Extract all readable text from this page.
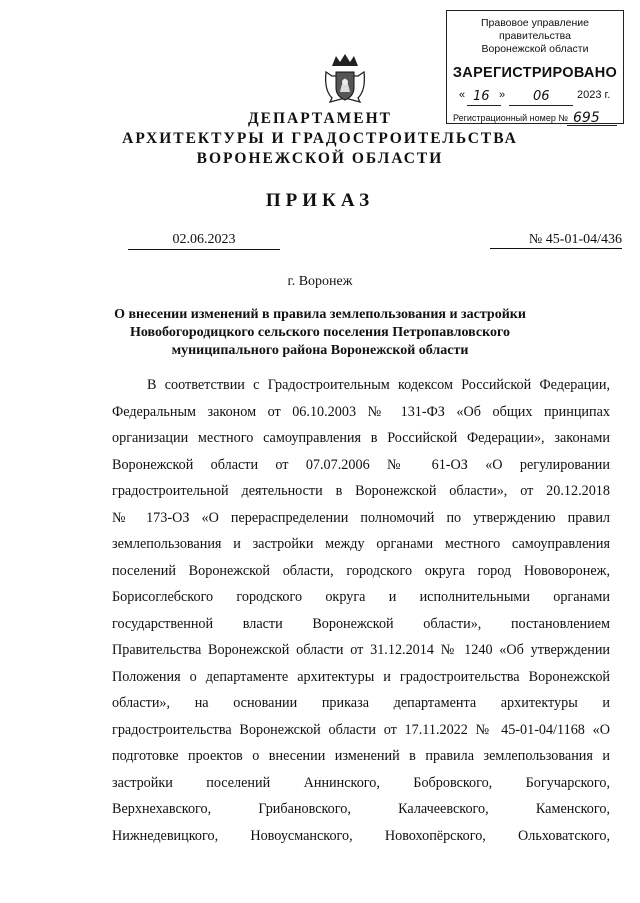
Правовое управление правительства
Воронежской области
ЗАРЕГИСТРИРОВАНО
« 16 » 06 2023 г.
Регистрационный номер № 695
ДЕПАРТАМЕНТ
АРХИТЕКТУРЫ И ГРАДОСТРОИТЕЛЬСТВА
ВОРОНЕЖСКОЙ ОБЛАСТИ
ПРИКАЗ
02.06.2023	№ 45-01-04/436
г. Воронеж
О внесении изменений в правила землепользования и застройки
Новобогородицкого сельского поселения Петропавловского
муниципального района Воронежской области
В соответствии с Градостроительным кодексом Российской Федерации,
Федеральным законом от 06.10.2003 № 131-ФЗ «Об общих принципах
организации местного самоуправления в Российской Федерации», законами
Воронежской области от 07.07.2006 № 61-ОЗ «О регулировании
градостроительной деятельности в Воронежской области», от 20.12.2018
№ 173-ОЗ «О перераспределении полномочий по утверждению правил
землепользования и застройки между органами местного самоуправления
поселений Воронежской области, городского округа город Нововоронеж,
Борисоглебского городского округа и исполнительными органами
государственной власти Воронежской области», постановлением
Правительства Воронежской области от 31.12.2014 № 1240 «Об утверждении
Положения о департаменте архитектуры и градостроительства Воронежской
области», на основании приказа департамента архитектуры и
градостроительства Воронежской области от 17.11.2022 № 45-01-04/1168 «О
подготовке проектов о внесении изменений в правила землепользования и
застройки поселений Аннинского, Бобровского, Богучарского,
Верхнехавского, Грибановского, Калачеевского, Каменского,
Нижнедевицкого, Новоусманского, Новохопёрского, Ольховатского,
